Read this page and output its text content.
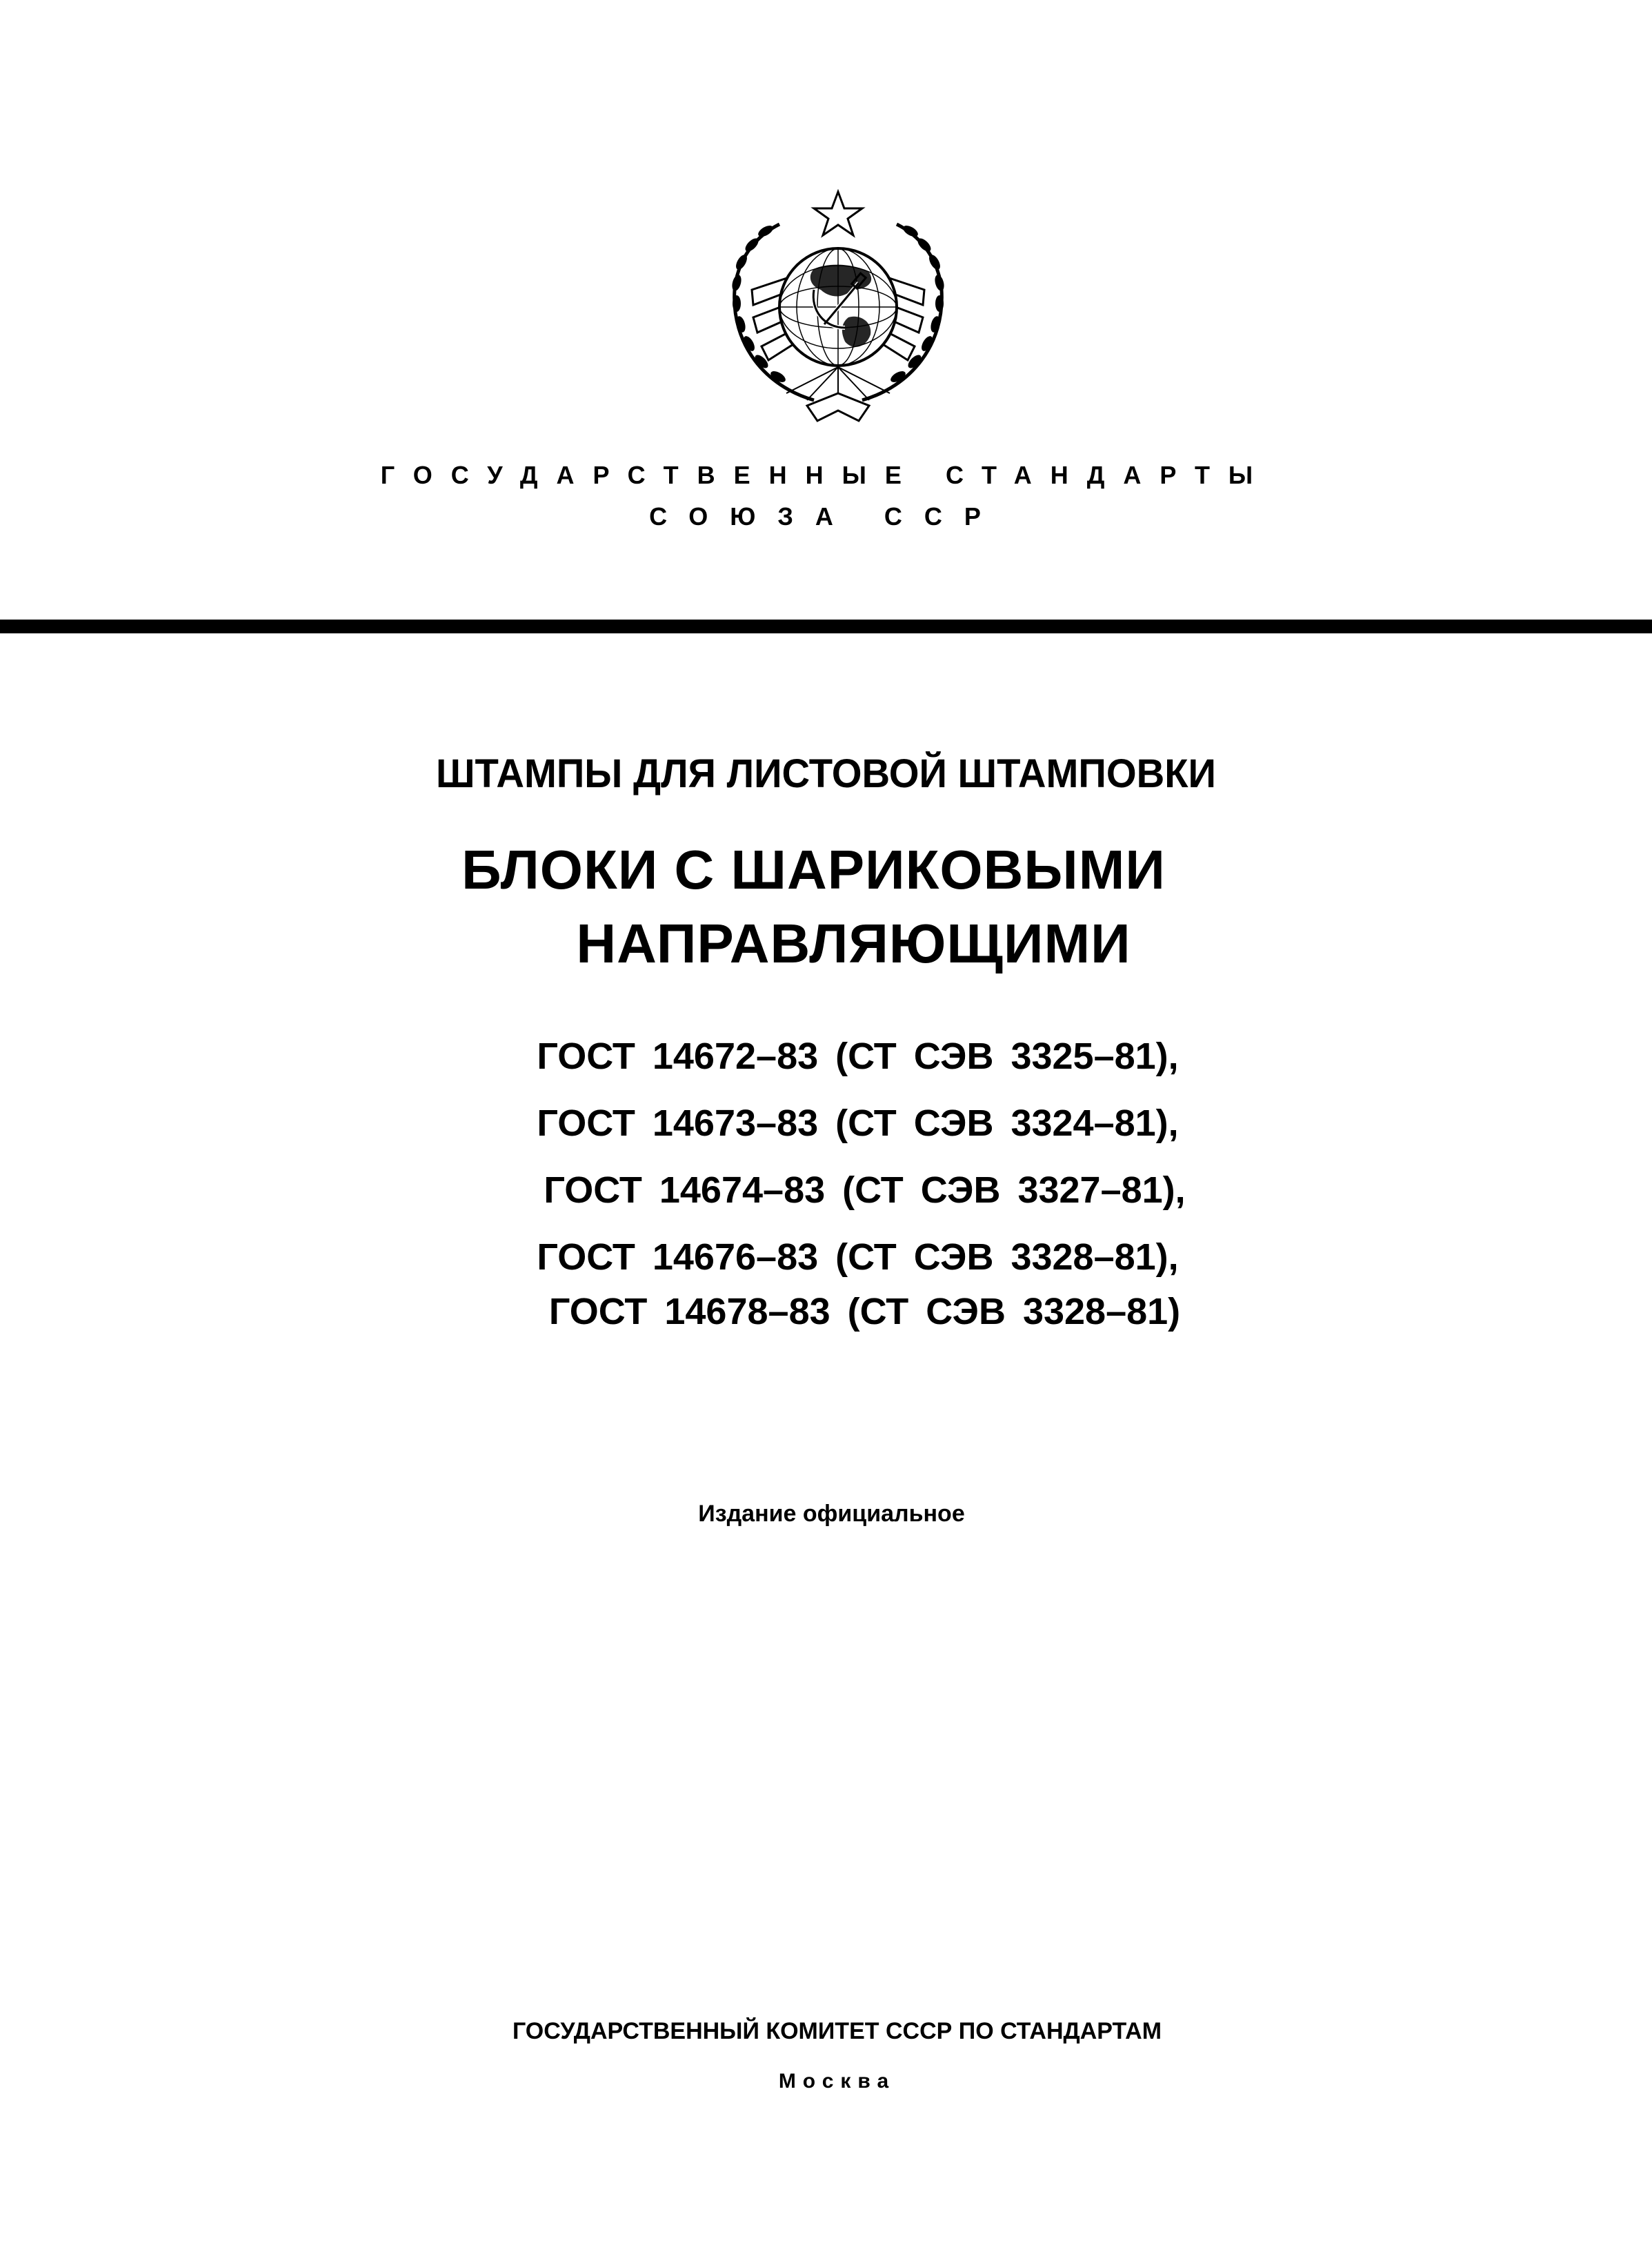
ГОСУДАРСТВЕННЫЕ СТАНДАРТЫ
СОЮЗА ССР
ШТАМПЫ ДЛЯ ЛИСТОВОЙ ШТАМПОВКИ
БЛОКИ С ШАРИКОВЫМИ
НАПРАВЛЯЮЩИМИ
ГОСТ 14672–83 (СТ СЭВ 3325–81),
ГОСТ 14673–83 (СТ СЭВ 3324–81),
ГОСТ 14674–83 (СТ СЭВ 3327–81),
ГОСТ 14676–83 (СТ СЭВ 3328–81),
ГОСТ 14678–83 (СТ СЭВ 3328–81)
Издание официальное
ГОСУДАРСТВЕННЫЙ КОМИТЕТ СССР ПО СТАНДАРТАМ
Москва
